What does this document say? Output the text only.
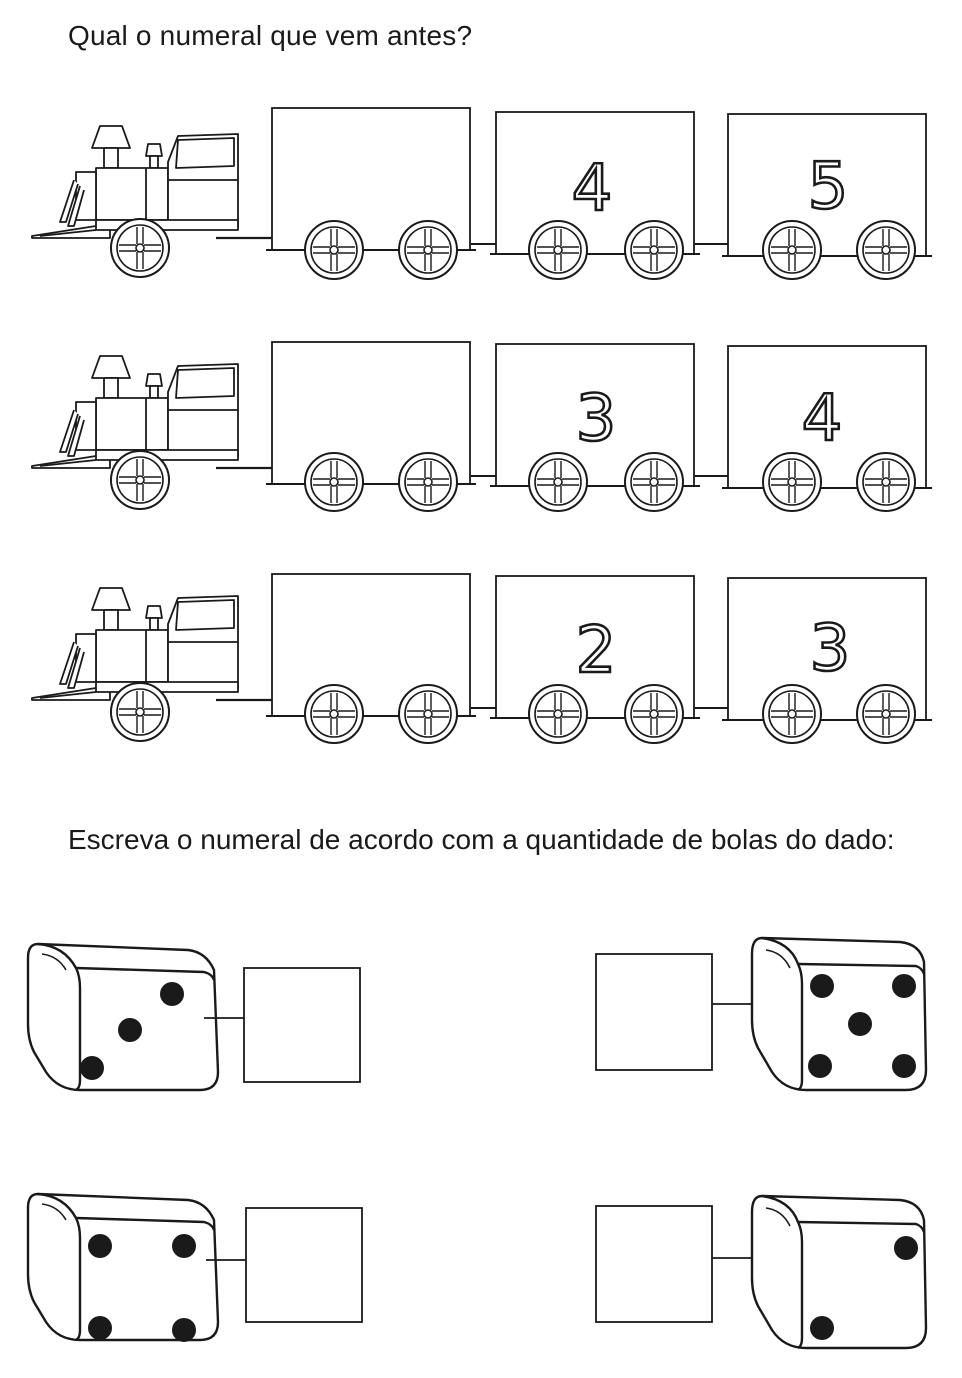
Qual o numeral que vem antes?
Escreva o numeral de acordo com a quantidade de bolas do dado:
4	5
3	4
2	3
